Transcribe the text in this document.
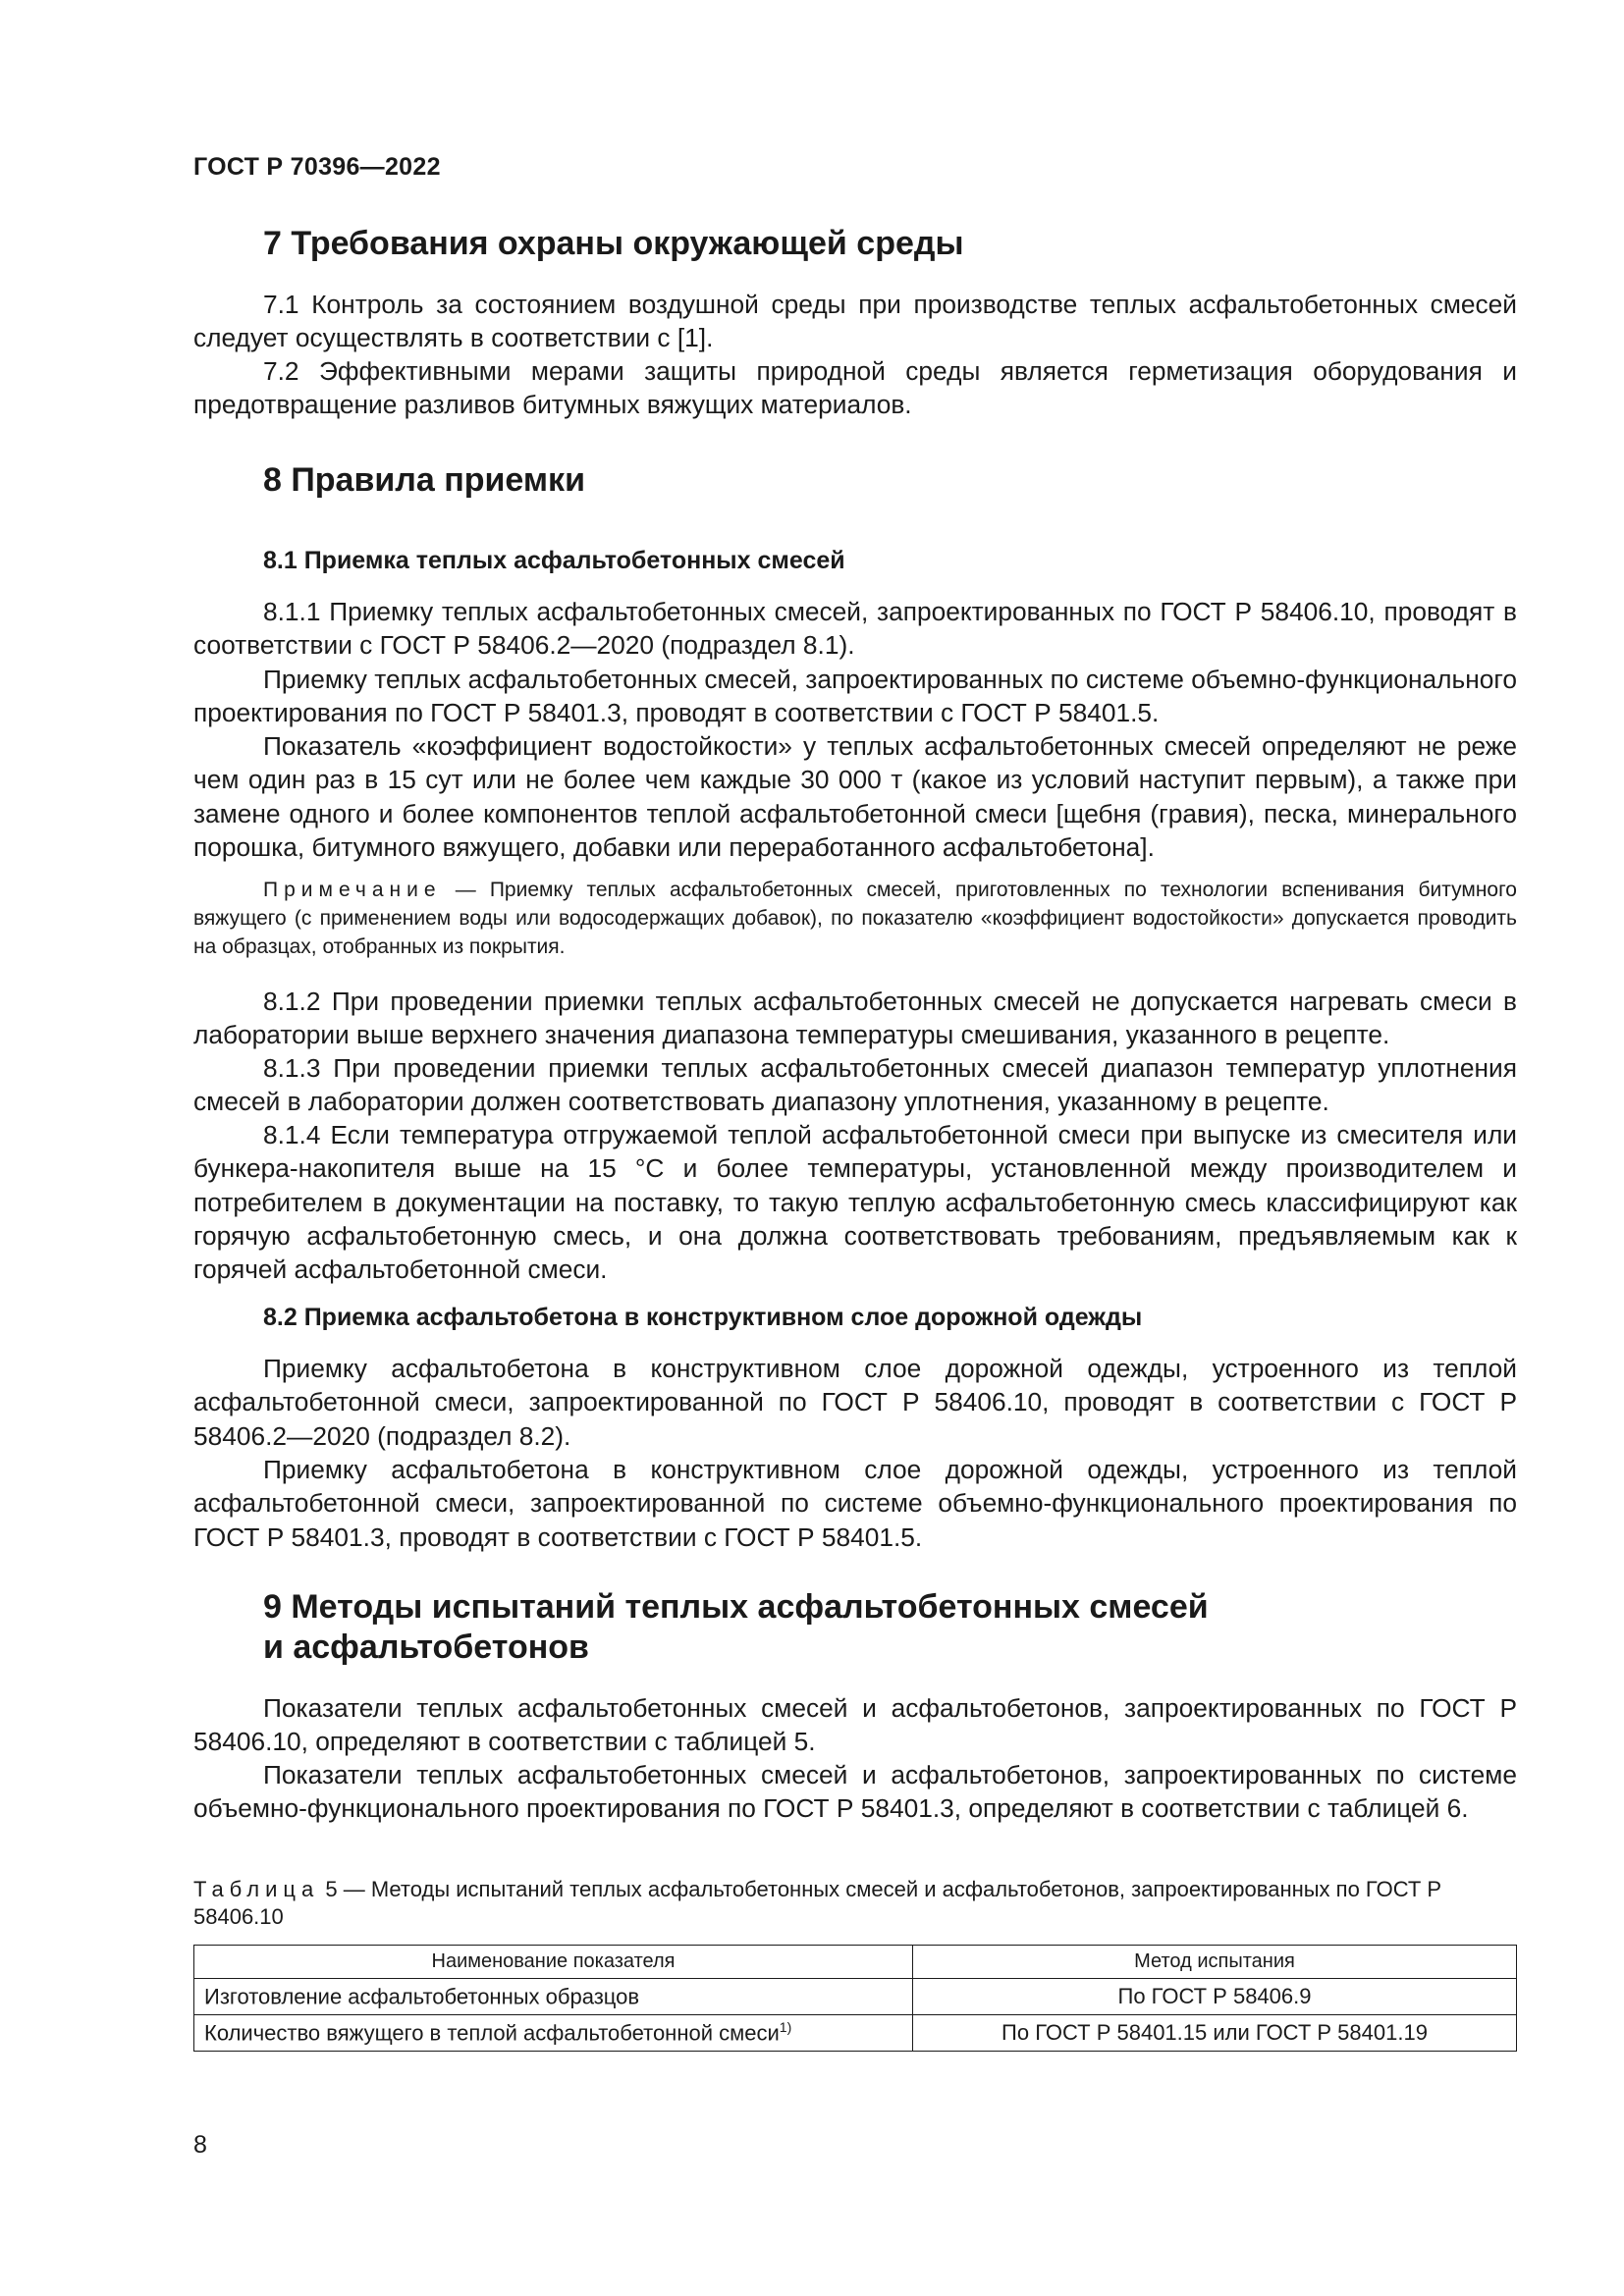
ГОСТ Р 70396—2022
7 Требования охраны окружающей среды

7.1 Контроль за состоянием воздушной среды при производстве теплых асфальтобетонных смесей следует осуществлять в соответствии с [1].

7.2 Эффективными мерами защиты природной среды является герметизация оборудования и предотвращение разливов битумных вяжущих материалов.

8 Правила приемки
8.1 Приемка теплых асфальтобетонных смесей

8.1.1 Приемку теплых асфальтобетонных смесей, запроектированных по ГОСТ Р 58406.10, проводят в соответствии с ГОСТ Р 58406.2—2020 (подраздел 8.1).

Приемку теплых асфальтобетонных смесей, запроектированных по системе объемно-функционального проектирования по ГОСТ Р 58401.3, проводят в соответствии с ГОСТ Р 58401.5.

Показатель «коэффициент водостойкости» у теплых асфальтобетонных смесей определяют не реже чем один раз в 15 сут или не более чем каждые 30 000 т (какое из условий наступит первым), а также при замене одного и более компонентов теплой асфальтобетонной смеси [щебня (гравия), песка, минерального порошка, битумного вяжущего, добавки или переработанного асфальтобетона].

Примечание — Приемку теплых асфальтобетонных смесей, приготовленных по технологии вспенивания битумного вяжущего (с применением воды или водосодержащих добавок), по показателю «коэффициент водостойкости» допускается проводить на образцах, отобранных из покрытия.

8.1.2 При проведении приемки теплых асфальтобетонных смесей не допускается нагревать смеси в лаборатории выше верхнего значения диапазона температуры смешивания, указанного в рецепте.

8.1.3 При проведении приемки теплых асфальтобетонных смесей диапазон температур уплотнения смесей в лаборатории должен соответствовать диапазону уплотнения, указанному в рецепте.

8.1.4 Если температура отгружаемой теплой асфальтобетонной смеси при выпуске из смесителя или бункера-накопителя выше на 15 °С и более температуры, установленной между производителем и потребителем в документации на поставку, то такую теплую асфальтобетонную смесь классифицируют как горячую асфальтобетонную смесь, и она должна соответствовать требованиям, предъявляемым как к горячей асфальтобетонной смеси.

8.2 Приемка асфальтобетона в конструктивном слое дорожной одежды

Приемку асфальтобетона в конструктивном слое дорожной одежды, устроенного из теплой асфальтобетонной смеси, запроектированной по ГОСТ Р 58406.10, проводят в соответствии с ГОСТ Р 58406.2—2020 (подраздел 8.2).

Приемку асфальтобетона в конструктивном слое дорожной одежды, устроенного из теплой асфальтобетонной смеси, запроектированной по системе объемно-функционального проектирования по ГОСТ Р 58401.3, проводят в соответствии с ГОСТ Р 58401.5.

9 Методы испытаний теплых асфальтобетонных смесей
и асфальтобетонов

Показатели теплых асфальтобетонных смесей и асфальтобетонов, запроектированных по ГОСТ Р 58406.10, определяют в соответствии с таблицей 5.

Показатели теплых асфальтобетонных смесей и асфальтобетонов, запроектированных по системе объемно-функционального проектирования по ГОСТ Р 58401.3, определяют в соответствии с таблицей 6.

Таблица 5 — Методы испытаний теплых асфальтобетонных смесей и асфальтобетонов, запроектированных по ГОСТ Р 58406.10

Наименование показателя	Метод испытания
Изготовление асфальтобетонных образцов	По ГОСТ Р 58406.9
Количество вяжущего в теплой асфальтобетонной смеси$^{1)}$	По ГОСТ Р 58401.15 или ГОСТ Р 58401.19
8
